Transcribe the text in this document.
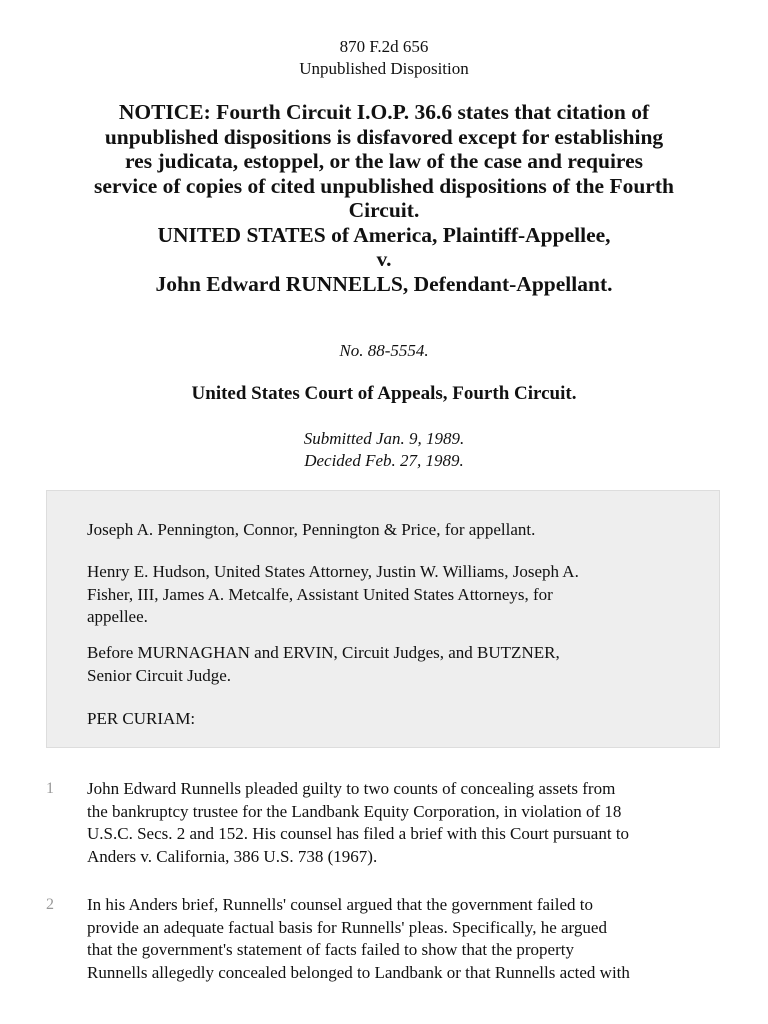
870 F.2d 656
Unpublished Disposition
NOTICE: Fourth Circuit I.O.P. 36.6 states that citation of
unpublished dispositions is disfavored except for establishing
res judicata, estoppel, or the law of the case and requires
service of copies of cited unpublished dispositions of the Fourth
Circuit.
UNITED STATES of America, Plaintiff-Appellee,
v.
John Edward RUNNELLS, Defendant-Appellant.
No. 88-5554.
United States Court of Appeals, Fourth Circuit.
Submitted Jan. 9, 1989.
Decided Feb. 27, 1989.

Joseph A. Pennington, Connor, Pennington & Price, for appellant.

Henry E. Hudson, United States Attorney, Justin W. Williams, Joseph A.
Fisher, III, James A. Metcalfe, Assistant United States Attorneys, for
appellee.

Before MURNAGHAN and ERVIN, Circuit Judges, and BUTZNER,
Senior Circuit Judge.

PER CURIAM:

1 John Edward Runnells pleaded guilty to two counts of concealing assets from
the bankruptcy trustee for the Landbank Equity Corporation, in violation of 18
U.S.C. Secs. 2 and 152. His counsel has filed a brief with this Court pursuant to
Anders v. California, 386 U.S. 738 (1967).

2 In his Anders brief, Runnells' counsel argued that the government failed to
provide an adequate factual basis for Runnells' pleas. Specifically, he argued
that the government's statement of facts failed to show that the property
Runnells allegedly concealed belonged to Landbank or that Runnells acted with
